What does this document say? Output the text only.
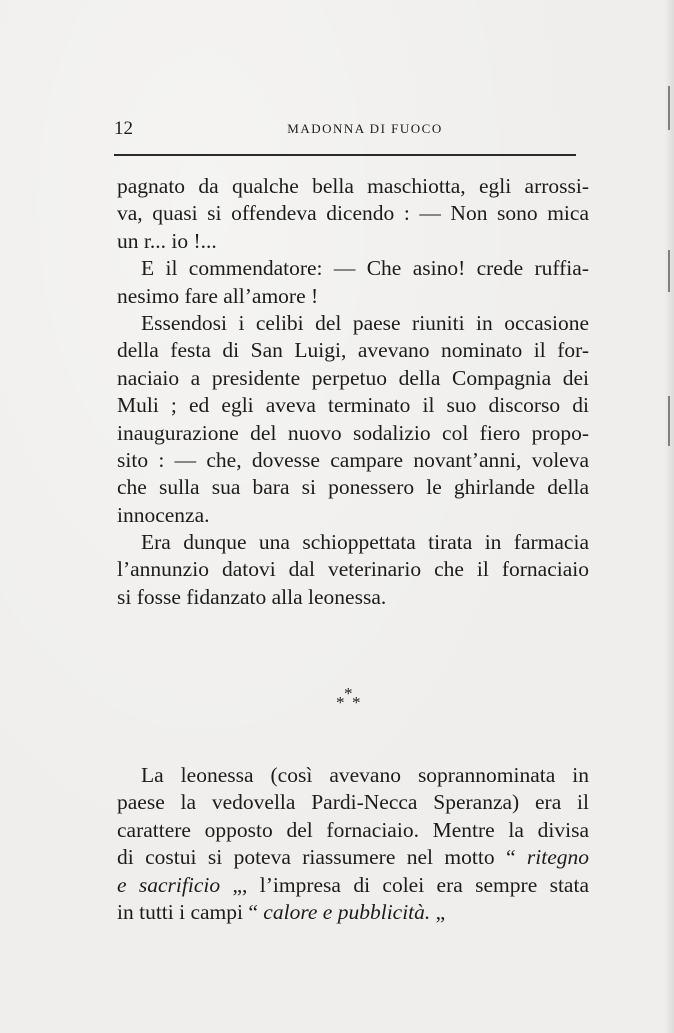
12	MADONNA DI FUOCO
pagnato da qualche bella maschiotta, egli arrossi-
va, quasi si offendeva dicendo : — Non sono mica
un r... io !...
E il commendatore: — Che asino! crede ruffia-
nesimo fare all’amore !
Essendosi i celibi del paese riuniti in occasione
della festa di San Luigi, avevano nominato il for-
naciaio a presidente perpetuo della Compagnia dei
Muli ; ed egli aveva terminato il suo discorso di
inaugurazione del nuovo sodalizio col fiero propo-
sito : — che, dovesse campare novant’anni, voleva
che sulla sua bara si ponessero le ghirlande della
innocenza.
Era dunque una schioppettata tirata in farmacia
l’annunzio datovi dal veterinario che il fornaciaio
si fosse fidanzato alla leonessa.
*
* *
La leonessa (così avevano soprannominata in
paese la vedovella Pardi-Necca Speranza) era il
carattere opposto del fornaciaio. Mentre la divisa
di costui si poteva riassumere nel motto “ ritegno
e sacrificio „, l’impresa di colei era sempre stata
in tutti i campi “ calore e pubblicità. „
